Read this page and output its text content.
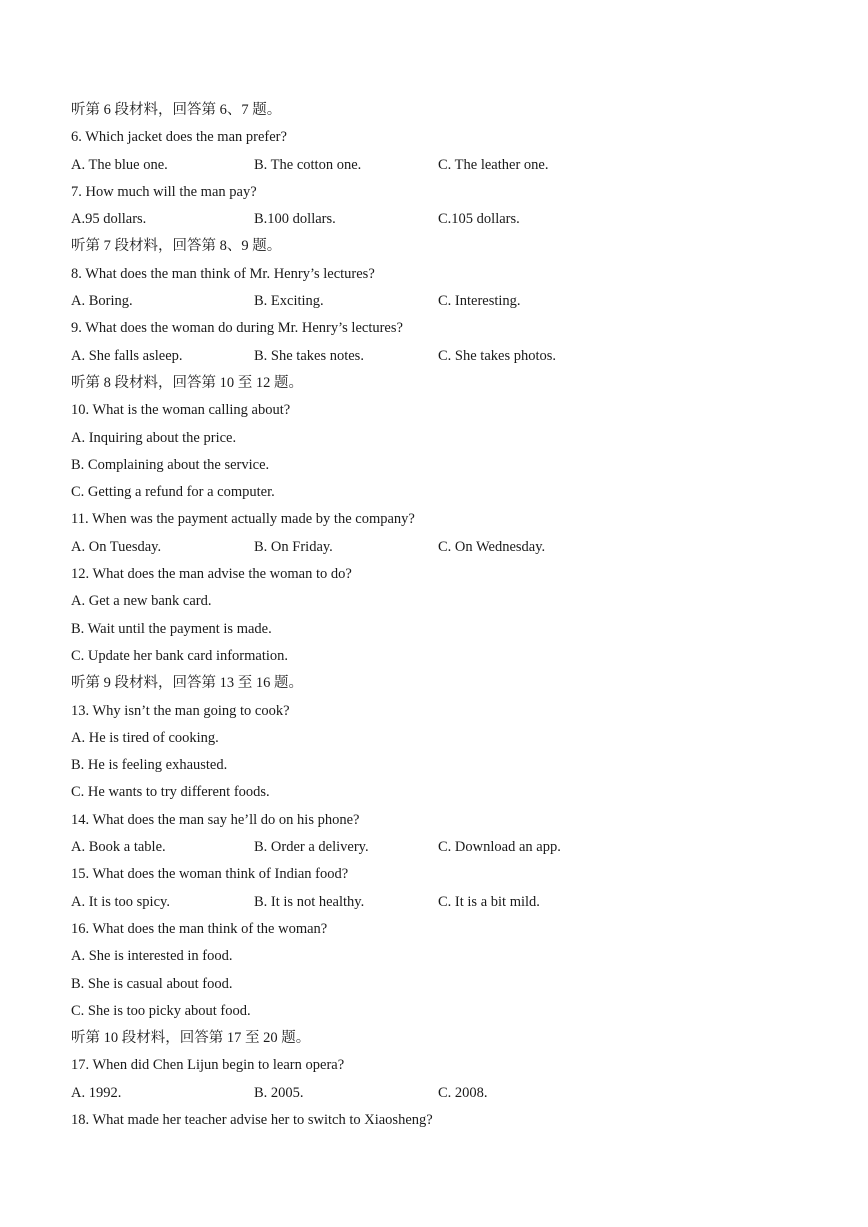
听第 6 段材料，回答第 6、7 题。
6. Which jacket does the man prefer?
A. The blue one.	B. The cotton one.	C. The leather one.
7. How much will the man pay?
A.95 dollars.	B.100 dollars.	C.105 dollars.
听第 7 段材料，回答第 8、9 题。
8. What does the man think of Mr. Henry’s lectures?
A. Boring.	B. Exciting.	C. Interesting.
9. What does the woman do during Mr. Henry’s lectures?
A. She falls asleep.	B. She takes notes.	C. She takes photos.
听第 8 段材料，回答第 10 至 12 题。
10. What is the woman calling about?
A. Inquiring about the price.
B. Complaining about the service.
C. Getting a refund for a computer.
11. When was the payment actually made by the company?
A. On Tuesday.	B. On Friday.	C. On Wednesday.
12. What does the man advise the woman to do?
A. Get a new bank card.
B. Wait until the payment is made.
C. Update her bank card information.
听第 9 段材料，回答第 13 至 16 题。
13. Why isn’t the man going to cook?
A. He is tired of cooking.
B. He is feeling exhausted.
C. He wants to try different foods.
14. What does the man say he’ll do on his phone?
A. Book a table.	B. Order a delivery.	C. Download an app.
15. What does the woman think of Indian food?
A. It is too spicy.	B. It is not healthy.	C. It is a bit mild.
16. What does the man think of the woman?
A. She is interested in food.
B. She is casual about food.
C. She is too picky about food.
听第 10 段材料，回答第 17 至 20 题。
17. When did Chen Lijun begin to learn opera?
A. 1992.	B. 2005.	C. 2008.
18. What made her teacher advise her to switch to Xiaosheng?
